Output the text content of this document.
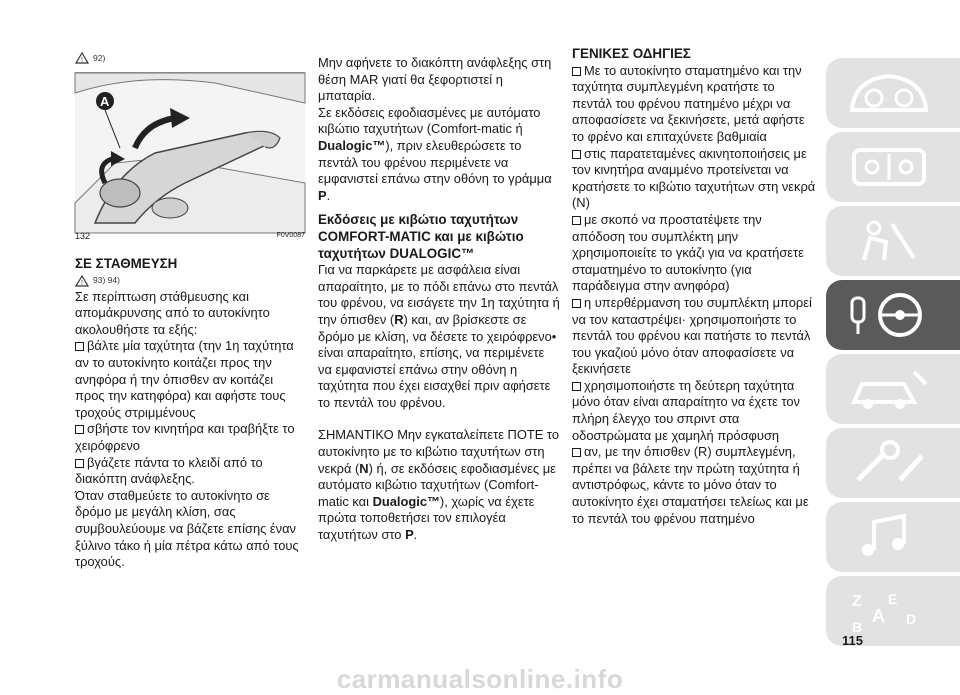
! 92)
A
132	F0V0087

ΣΕ ΣΤΑΘΜΕΥΣΗ

! 93) 94)

Σε περίπτωση στάθμευσης και απομάκρυνσης από το αυτοκίνητο ακολουθήστε τα εξής:

βάλτε μία ταχύτητα (την 1η ταχύτητα αν το αυτοκίνητο κοιτάζει προς την ανηφόρα ή την όπισθεν αν κοιτάζει προς την κατηφόρα) και αφήστε τους τροχούς στριμμένους

σβήστε τον κινητήρα και τραβήξτε το χειρόφρενο

βγάζετε πάντα το κλειδί από το διακόπτη ανάφλεξης.

Όταν σταθμεύετε το αυτοκίνητο σε δρόμο με μεγάλη κλίση, σας συμβουλεύουμε να βάζετε επίσης έναν ξύλινο τάκο ή μία πέτρα κάτω από τους τροχούς.

Μην αφήνετε το διακόπτη ανάφλεξης στη θέση MAR γιατί θα ξεφορτιστεί η μπαταρία.

Σε εκδόσεις εφοδιασμένες με αυτόματο κιβώτιο ταχυτήτων (Comfort-matic ή Dualogic™), πριν ελευθερώσετε το πεντάλ του φρένου περιμένετε να εμφανιστεί επάνω στην οθόνη το γράμμα P.

Εκδόσεις με κιβώτιο ταχυτήτων COMFORT-MATIC και με κιβώτιο ταχυτήτων DUALOGIC™

Για να παρκάρετε με ασφάλεια είναι απαραίτητο, με το πόδι επάνω στο πεντάλ του φρένου, να εισάγετε την 1η ταχύτητα ή την όπισθεν (R) και, αν βρίσκεστε σε δρόμο με κλίση, να δέσετε το χειρόφρενο• είναι απαραίτητο, επίσης, να περιμένετε να εμφανιστεί επάνω στην οθόνη η ταχύτητα που έχει εισαχθεί πριν αφήσετε το πεντάλ του φρένου.

ΣΗΜΑΝΤΙΚΟ Μην εγκαταλείπετε ΠΟΤΕ το αυτοκίνητο με το κιβώτιο ταχυτήτων στη νεκρά (N) ή, σε εκδόσεις εφοδιασμένες με αυτόματο κιβώτιο ταχυτήτων (Comfort-matic και Dualogic™), χωρίς να έχετε πρώτα τοποθετήσει τον επιλογέα ταχυτήτων στο P.

ΓΕΝΙΚΕΣ ΟΔΗΓΙΕΣ

Με το αυτοκίνητο σταματημένο και την ταχύτητα συμπλεγμένη κρατήστε το πεντάλ του φρένου πατημένο μέχρι να αποφασίσετε να ξεκινήσετε, μετά αφήστε το φρένο και επιταχύνετε βαθμιαία

στις παρατεταμένες ακινητοποιήσεις με τον κινητήρα αναμμένο προτείνεται να κρατήσετε το κιβώτιο ταχυτήτων στη νεκρά (N)

με σκοπό να προστατέψετε την απόδοση του συμπλέκτη μην χρησιμοποιείτε το γκάζι για να κρατήσετε σταματημένο το αυτοκίνητο (για παράδειγμα στην ανηφόρα)

η υπερθέρμανση του συμπλέκτη μπορεί να τον καταστρέψει· χρησιμοποιήστε το πεντάλ του φρένου και πατήστε το πεντάλ του γκαζιού μόνο όταν αποφασίσετε να ξεκινήσετε

χρησιμοποιήστε τη δεύτερη ταχύτητα μόνο όταν είναι απαραίτητο να έχετε τον πλήρη έλεγχο του σπριντ στα οδοστρώματα με χαμηλή πρόσφυση

αν, με την όπισθεν (R) συμπλεγμένη, πρέπει να βάλετε την πρώτη ταχύτητα ή αντιστρόφως, κάντε το μόνο όταν το αυτοκίνητο έχει σταματήσει τελείως και με το πεντάλ του φρένου πατημένο

Z E
A D
B
115
carmanualsonline.info
